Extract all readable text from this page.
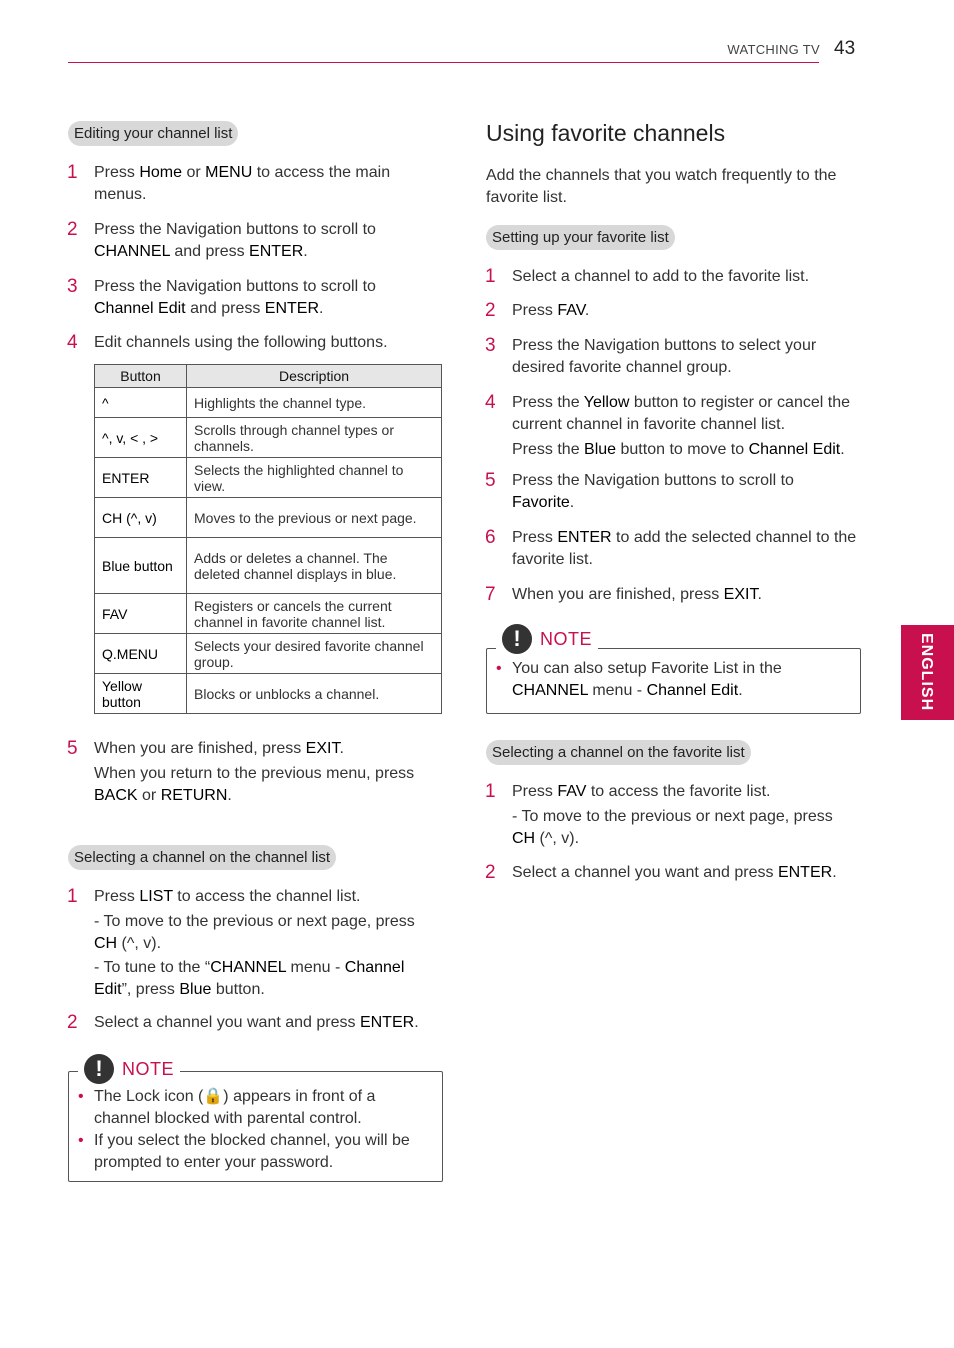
WATCHING TV 43
ENGLISH
Editing your channel list
1 Press Home or MENU to access the main menus.
2 Press the Navigation buttons to scroll to CHANNEL and press ENTER.
3 Press the Navigation buttons to scroll to Channel Edit and press ENTER.
4 Edit channels using the following buttons.
Button	Description
^	Highlights the channel type.
^, v, < , >	Scrolls through channel types or channels.
ENTER	Selects the highlighted channel to view.
CH (^, v)	Moves to the previous or next page.
Blue button	Adds or deletes a channel. The deleted channel displays in blue.
FAV	Registers or cancels the current channel in favorite channel list.
Q.MENU	Selects your desired favorite channel group.
Yellow button	Blocks or unblocks a channel.
5 When you are finished, press EXIT.
When you return to the previous menu, press BACK or RETURN.
Selecting a channel on the channel list
1 Press LIST to access the channel list.
- To move to the previous or next page, press CH (^, v).
- To tune to the “CHANNEL menu - Channel Edit”, press Blue button.
2 Select a channel you want and press ENTER.
!	NOTE
• The Lock icon (🔒) appears in front of a channel blocked with parental control.
• If you select the blocked channel, you will be prompted to enter your password.
Using favorite channels
Add the channels that you watch frequently to the favorite list.
Setting up your favorite list
1 Select a channel to add to the favorite list.
2 Press FAV.
3 Press the Navigation buttons to select your desired favorite channel group.
4 Press the Yellow button to register or cancel the current channel in favorite channel list.
Press the Blue button to move to Channel Edit.
5 Press the Navigation buttons to scroll to Favorite.
6 Press ENTER to add the selected channel to the favorite list.
7 When you are finished, press EXIT.
!	NOTE
• You can also setup Favorite List in the CHANNEL menu - Channel Edit.
Selecting a channel on the favorite list
1 Press FAV to access the favorite list.
- To move to the previous or next page, press CH (^, v).
2 Select a channel you want and press ENTER.
